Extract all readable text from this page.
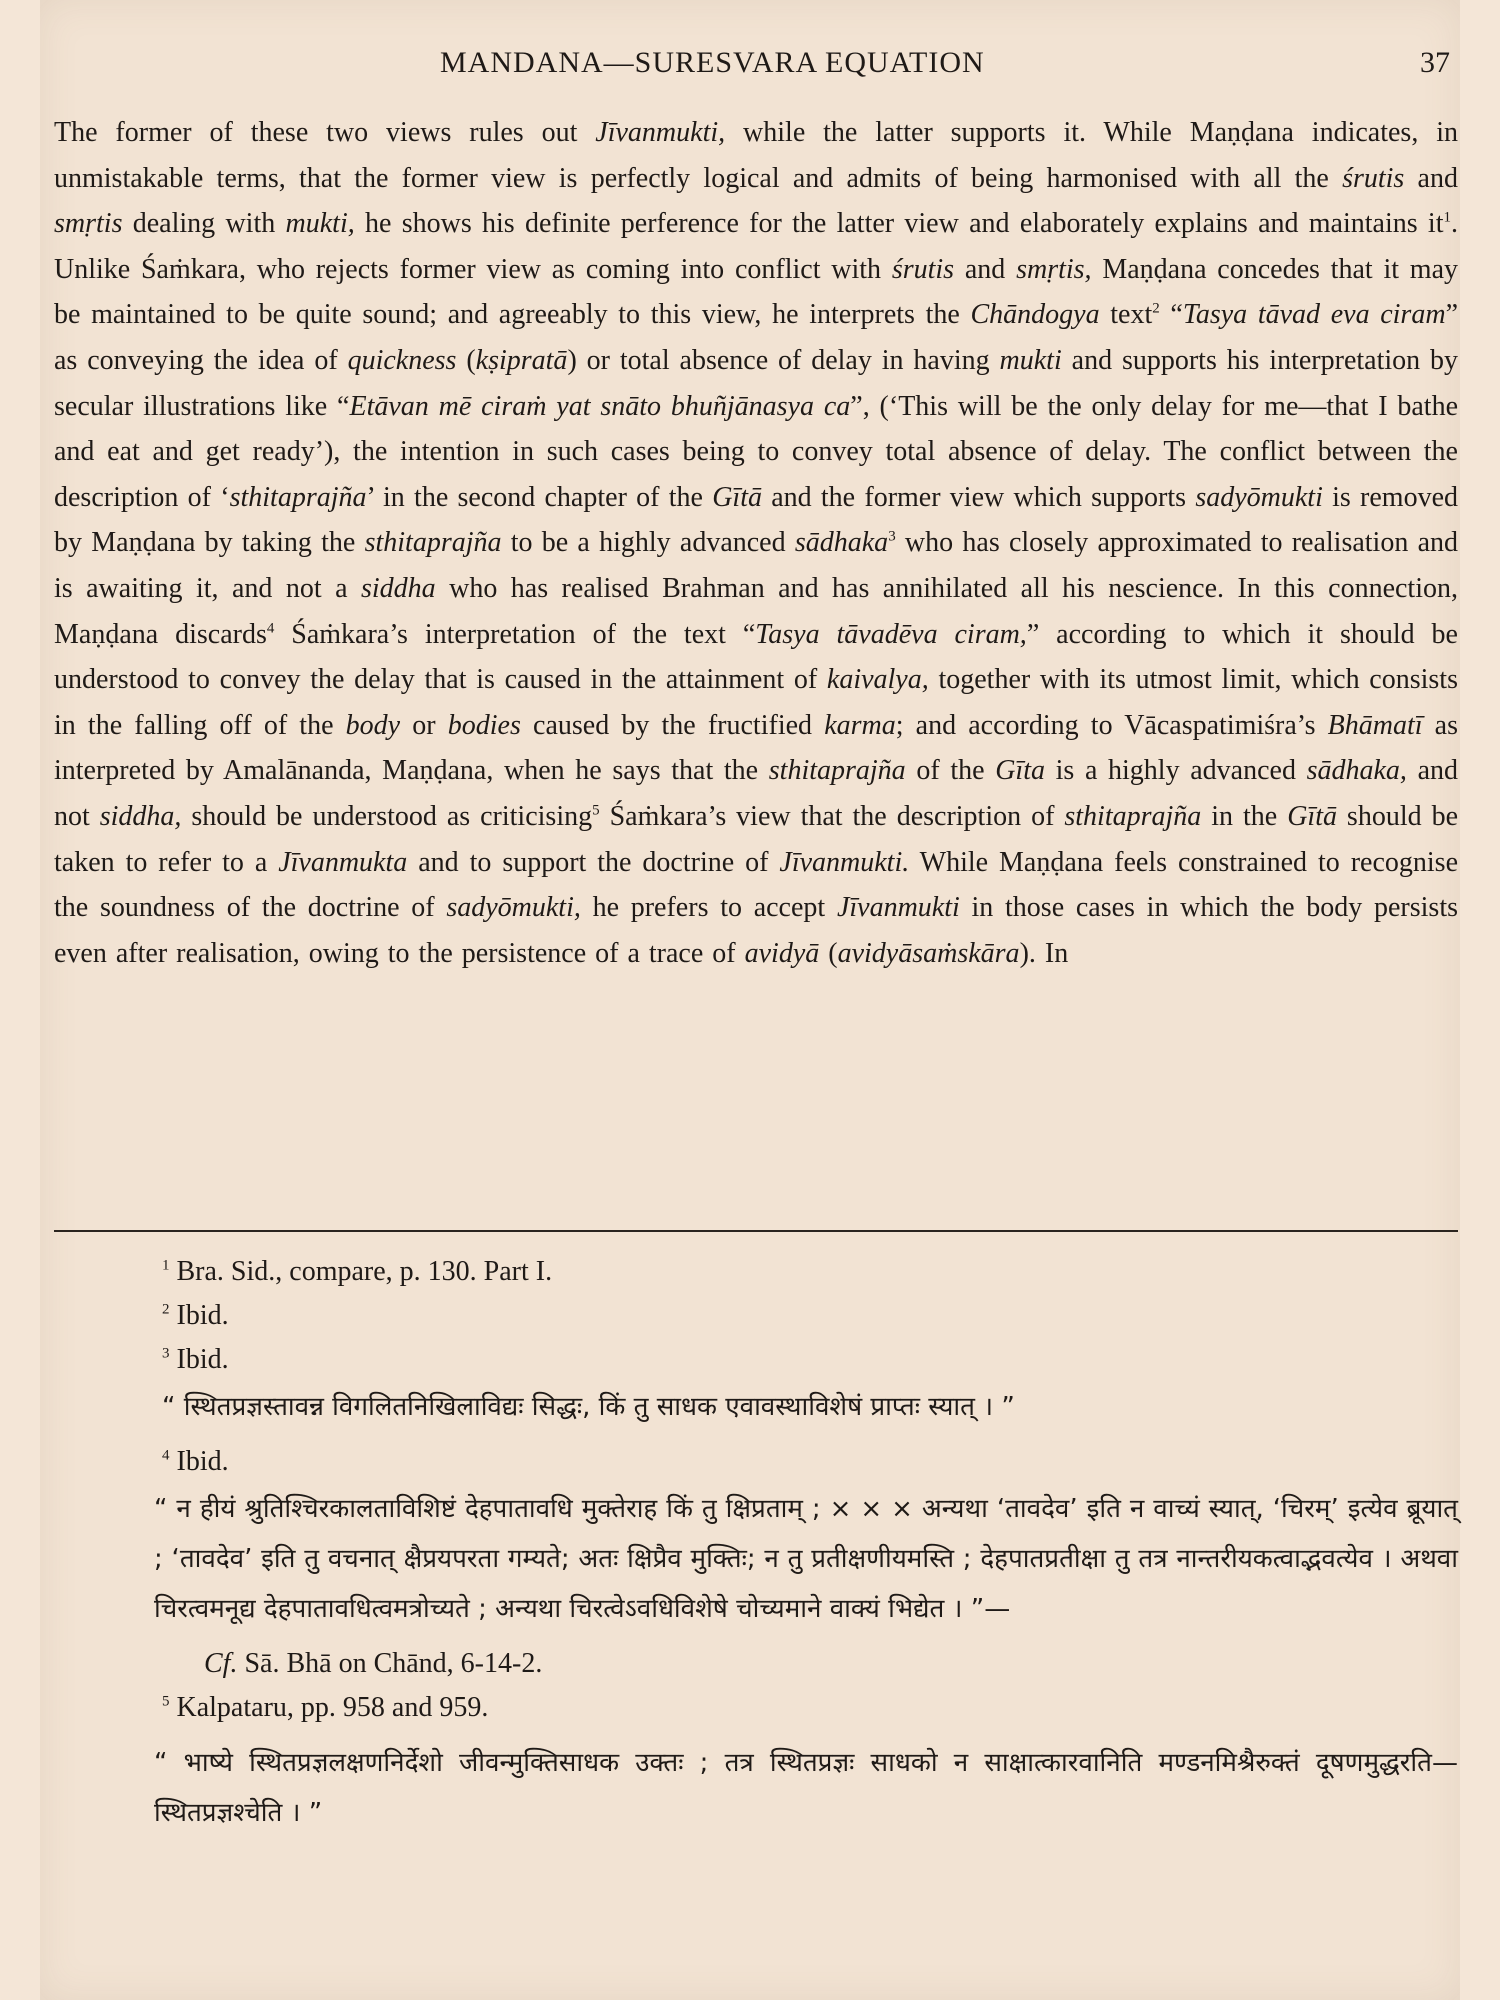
MANDANA—SURESVARA EQUATION	37

The former of these two views rules out Jīvanmukti, while the latter supports it. While Maṇḍana indicates, in unmistakable terms, that the former view is perfectly logical and admits of being harmonised with all the śrutis and smṛtis dealing with mukti, he shows his definite perference for the latter view and elaborately explains and maintains $it^1$. Unlike Śaṁkara, who rejects former view as coming into conflict with śrutis and smṛtis, Maṇḍana concedes that it may be maintained to be quite sound; and agreeably to this view, he interprets the Chāndogya text$^2$ “Tasya tāvad eva ciram” as conveying the idea of quickness (kṣipratā) or total absence of delay in having mukti and supports his interpretation by secular illustrations like “Etāvan mē ciraṁ yat snāto bhuñjānasya ca”, (‘This will be the only delay for me—that I bathe and eat and get ready’), the intention in such cases being to convey total absence of delay. The conflict between the description of ‘sthitaprajña’ in the second chapter of the Gītā and the former view which supports sadyōmukti is removed by Maṇḍana by taking the sthitaprajña to be a highly advanced sādhaka$^3$ who has closely approximated to realisation and is awaiting it, and not a siddha who has realised Brahman and has annihilated all his nescience. In this connection, Maṇḍana discards$^4$ Śaṁkara’s interpretation of the text “Tasya tāvadēva ciram,” according to which it should be understood to convey the delay that is caused in the attainment of kaivalya, together with its utmost limit, which consists in the falling off of the body or bodies caused by the fructified karma; and according to Vācaspatimiśra’s Bhāmatī as interpreted by Amalānanda, Maṇḍana, when he says that the sthitaprajña of the Gīta is a highly advanced sādhaka, and not siddha, should be understood as criticising$^5$ Śaṁkara’s view that the description of sthitaprajña in the Gītā should be taken to refer to a Jīvanmukta and to support the doctrine of Jīvanmukti. While Maṇḍana feels constrained to recognise the soundness of the doctrine of sadyōmukti, he prefers to accept Jīvanmukti in those cases in which the body persists even after realisation, owing to the persistence of a trace of avidyā (avidyāsaṁskāra). In

$^1$ Bra. Sid., compare, p. 130. Part I.

$^2$ Ibid.

$^3$ Ibid.

“ स्थितप्रज्ञस्तावन्न विगलितनिखिलाविद्यः सिद्धः, किं तु साधक एवावस्थाविशेषं प्राप्तः स्यात् । ”

$^4$ Ibid.

“ न हीयं श्रुतिश्चिरकालताविशिष्टं देहपातावधि मुक्तेराह किं तु क्षिप्रताम् ; × × × अन्यथा ‘तावदेव’ इति न वाच्यं स्यात्, ‘चिरम्’ इत्येव ब्रूयात् ; ‘तावदेव’ इति तु वचनात् क्षैप्रयपरता गम्यते; अतः क्षिप्रैव मुक्तिः; न तु प्रतीक्षणीयमस्ति ; देहपातप्रतीक्षा तु तत्र नान्तरीयकत्वाद्भवत्येव । अथवा चिरत्वमनूद्य देहपातावधित्वमत्रोच्यते ; अन्यथा चिरत्वेऽवधिविशेषे चोच्यमाने वाक्यं भिद्येत । ”—

Cf. Sā. Bhā on Chānd, 6-14-2.

$^5$ Kalpataru, pp. 958 and 959.

“ भाष्ये स्थितप्रज्ञलक्षणनिर्देशो जीवन्मुक्तिसाधक उक्तः ; तत्र स्थितप्रज्ञः साधको न साक्षात्कारवानिति मण्डनमिश्रैरुक्तं दूषणमुद्धरति—स्थितप्रज्ञश्चेति । ”
